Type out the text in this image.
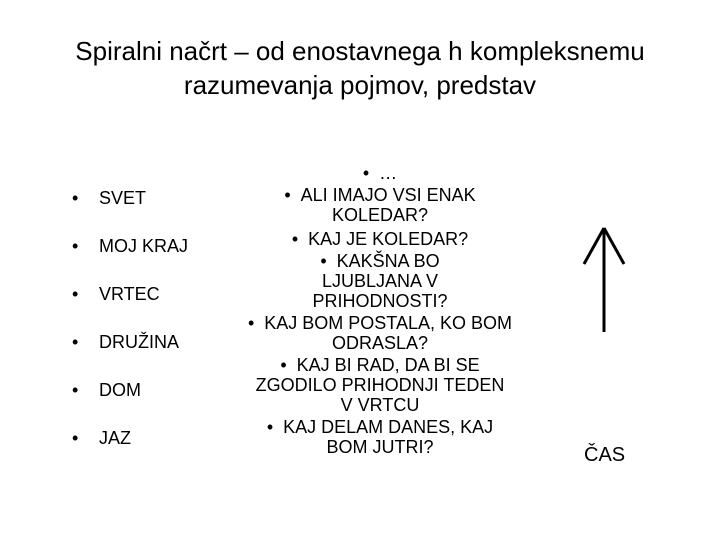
Spiralni načrt – od enostavnega h kompleksnemu
razumevanja pojmov, predstav
• SVET
• MOJ KRAJ
• VRTEC
• DRUŽINA
• DOM
• JAZ
• …
• ALI IMAJO VSI ENAK KOLEDAR?
• KAJ JE KOLEDAR?
• KAKŠNA BO LJUBLJANA V PRIHODNOSTI?
• KAJ BOM POSTALA, KO BOM ODRASLA?
• KAJ BI RAD, DA BI SE ZGODILO PRIHODNJI TEDEN V VRTCU
• KAJ DELAM DANES, KAJ BOM JUTRI?	ČAS
